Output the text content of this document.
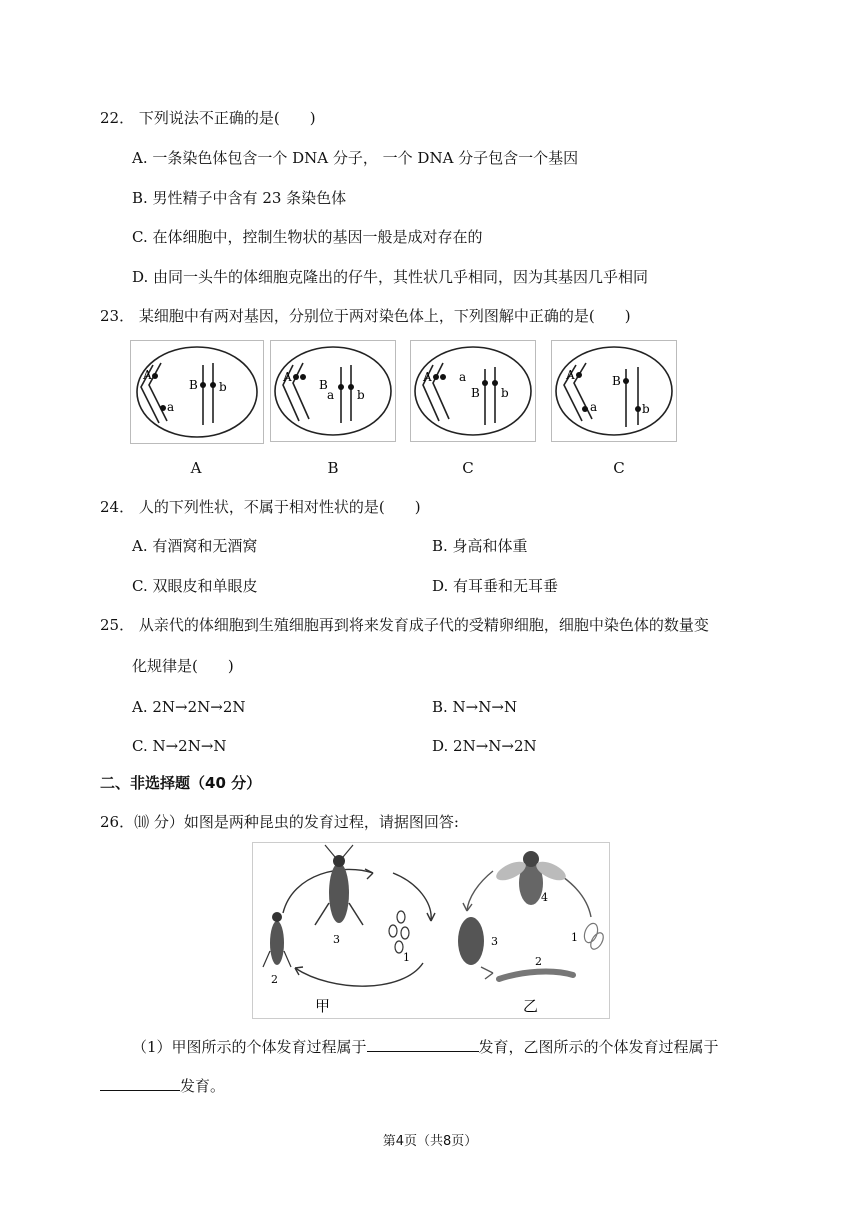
22． 下列说法不正确的是(　　)
A. 一条染色体包含一个 DNA 分子， 一个 DNA 分子包含一个基因
B. 男性精子中含有 23 条染色体
C. 在体细胞中，控制生物状的基因一般是成对存在的
D. 由同一头牛的体细胞克隆出的仔牛，其性状几乎相同，因为其基因几乎相同
23． 某细胞中有两对基因，分别位于两对染色体上，下列图解中正确的是(　　)
A
a
B b
A
B
a b
A a
B b
A
a
B
b
A	B	C	C
24． 人的下列性状，不属于相对性状的是(　　)
A. 有酒窝和无酒窝	B. 身高和体重
C. 双眼皮和单眼皮	D. 有耳垂和无耳垂
25． 从亲代的体细胞到生殖细胞再到将来发育成子代的受精卵细胞，细胞中染色体的数量变
化规律是(　　)
A. 2N→2N→2N	B. N→N→N
C. N→2N→N	D. 2N→N→2N
二、非选择题（40 分）
26．⑽ 分）如图是两种昆虫的发育过程，请据图回答:
3
2
1
甲
4
3
2
1
乙
（1）甲图所示的个体发育过程属于	发育，乙图所示的个体发育过程属于
发育。
第4页（共8页）
